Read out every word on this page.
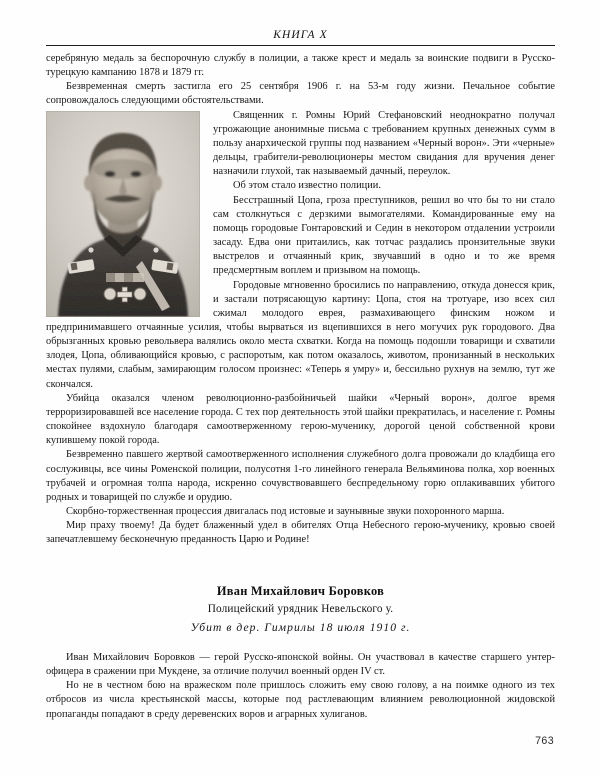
КНИГА X

серебряную медаль за беспорочную службу в полиции, а также крест и медаль за воинские подвиги в Русско-турецкую кампанию 1878 и 1879 гг.

Безвременная смерть застигла его 25 сентября 1906 г. на 53-м году жизни. Печальное событие сопровождалось следующими обстоятельствами.

Священник г. Ромны Юрий Стефановский неоднократно получал угрожающие анонимные письма с требованием крупных денежных сумм в пользу анархической группы под названием «Черный ворон». Эти «черные» дельцы, грабители-революционеры местом свидания для вручения денег назначили глухой, так называемый дачный, переулок.

Об этом стало известно полиции.

Бесстрашный Цопа, гроза преступников, решил во что бы то ни стало сам столкнуться с дерзкими вымогателями. Командированные ему на помощь городовые Гонтаровский и Седин в некотором отдалении устроили засаду. Едва они притаились, как тотчас раздались пронзительные звуки выстрелов и отчаянный крик, звучавший в одно и то же время предсмертным воплем и призывом на помощь.

Городовые мгновенно бросились по направлению, откуда донесся крик, и застали потрясающую картину: Цопа, стоя на тротуаре, изо всех сил сжимал молодого еврея, размахивающего финским ножом и предпринимавшего отчаянные усилия, чтобы вырваться из вцепившихся в него могучих рук городового. Два обрызганных кровью револьвера валялись около места схватки. Когда на помощь подошли товарищи и схватили злодея, Цопа, обливающийся кровью, с распоротым, как потом оказалось, животом, пронизанный в нескольких местах пулями, слабым, замирающим голосом произнес: «Теперь я умру» и, бессильно рухнув на землю, тут же скончался.

Убийца оказался членом революционно-разбойничьей шайки «Черный ворон», долгое время терроризировавшей все население города. С тех пор деятельность этой шайки прекратилась, и население г. Ромны спокойнее вздохнуло благодаря самоотверженному герою-мученику, дорогой ценой собственной крови купившему покой города.

Безвременно павшего жертвой самоотверженного исполнения служебного долга провожали до кладбища его сослуживцы, все чины Роменской полиции, полусотня 1-го линейного генерала Вельяминова полка, хор военных трубачей и огромная толпа народа, искренно сочувствовавшего беспредельному горю оплакивавших убитого родных и товарищей по службе и орудию.

Скорбно-торжественная процессия двигалась под истовые и заунывные звуки похоронного марша.

Мир праху твоему! Да будет блаженный удел в обителях Отца Небесного герою-мученику, кровью своей запечатлевшему бесконечную преданность Царю и Родине!

Иван Михайлович Боровков
Полицейский урядник Невельского у.
Убит в дер. Гимрилы 18 июля 1910 г.

Иван Михайлович Боровков — герой Русско-японской войны. Он участвовал в качестве старшего унтер-офицера в сражении при Мукдене, за отличие получил военный орден IV ст.

Но не в честном бою на вражеском поле пришлось сложить ему свою голову, а на поимке одного из тех отбросов из числа крестьянской массы, которые под растлевающим влиянием революционной жидовской пропаганды попадают в среду деревенских воров и аграрных хулиганов.

763
